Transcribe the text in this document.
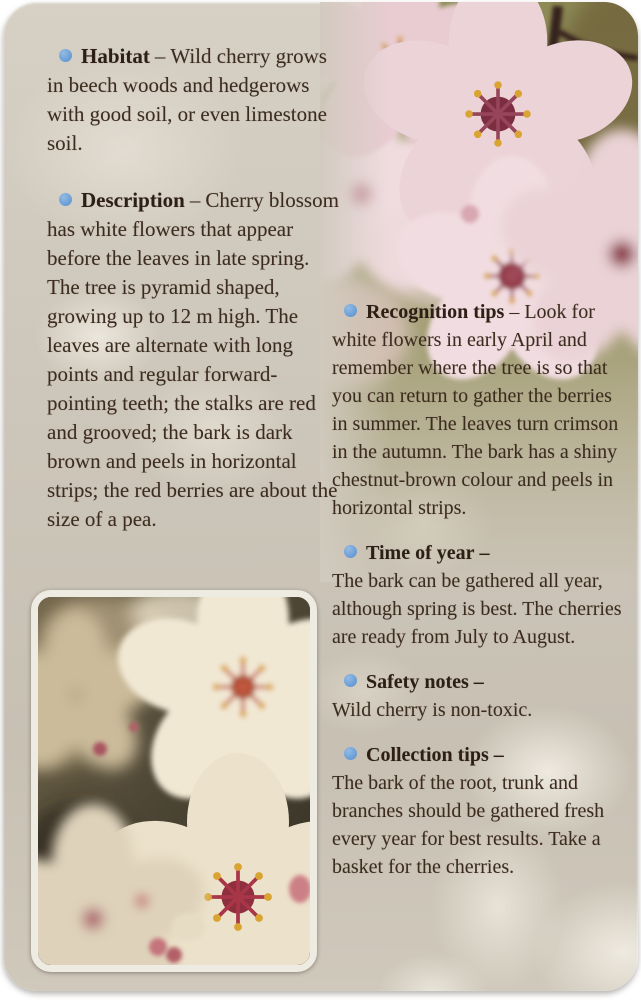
Habitat – Wild cherry grows in beech woods and hedgerows with good soil, or even limestone soil.

Description – Cherry blossom has white flowers that appear before the leaves in late spring. The tree is pyramid shaped, growing up to 12 m high. The leaves are alternate with long points and regular forward-pointing teeth; the stalks are red and grooved; the bark is dark brown and peels in horizontal strips; the red berries are about the size of a pea.

Recognition tips – Look for white flowers in early April and remember where the tree is so that you can return to gather the berries in summer. The leaves turn crimson in the autumn. The bark has a shiny chestnut-brown colour and peels in horizontal strips.

Time of year –
The bark can be gathered all year, although spring is best. The cherries are ready from July to August.

Safety notes –
Wild cherry is non-toxic.

Collection tips –
The bark of the root, trunk and branches should be gathered fresh every year for best results. Take a basket for the cherries.
